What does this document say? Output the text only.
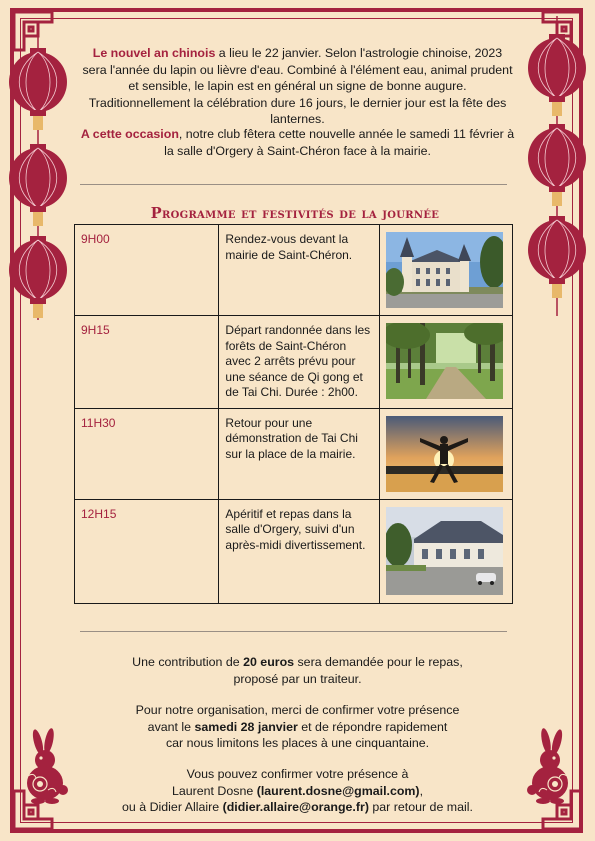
Le nouvel an chinois a lieu le 22 janvier. Selon l'astrologie chinoise, 2023 sera l'année du lapin ou lièvre d'eau. Combiné à l'élément eau, animal prudent et sensible, le lapin est en général un signe de bonne augure. Traditionnellement la célébration dure 16 jours, le dernier jour est la fête des lanternes.
A cette occasion, notre club fêtera cette nouvelle année le samedi 11 février à la salle d'Orgery à Saint-Chéron face à la mairie.
Programme et festivités de la journée
9H00	Rendez-vous devant la mairie de Saint-Chéron.	

9H15	Départ randonnée dans les forêts de Saint-Chéron avec 2 arrêts prévu pour une séance de Qi gong et de Tai Chi. Durée : 2h00.	

11H30	Retour pour une démonstration de Tai Chi sur la place de la mairie.	

12H15	Apéritif et repas dans la salle d'Orgery, suivi d'un après-midi divertissement.	
Une contribution de 20 euros sera demandée pour le repas,
proposé par un traiteur.
Pour notre organisation, merci de confirmer votre présence
avant le samedi 28 janvier et de répondre rapidement
car nous limitons les places à une cinquantaine.
Vous pouvez confirmer votre présence à
Laurent Dosne (laurent.dosne@gmail.com),
ou à Didier Allaire (didier.allaire@orange.fr) par retour de mail.
